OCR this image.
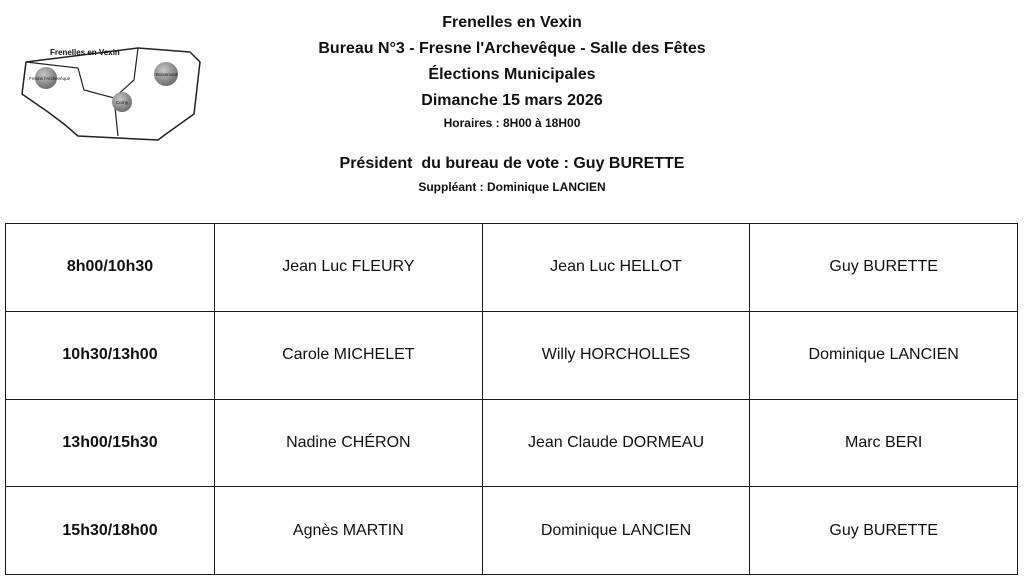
Frenelles en Vexin
Fresne l'Archevêque
Boisemont
Corny

Frenelles en Vexin

Bureau N°3 - Fresne l'Archevêque - Salle des Fêtes

Élections Municipales

Dimanche 15 mars 2026

Horaires : 8H00 à 18H00

Président  du bureau de vote : Guy BURETTE

Suppléant : Dominique LANCIEN

8h00/10h30	Jean Luc FLEURY	Jean Luc HELLOT	Guy BURETTE
10h30/13h00	Carole MICHELET	Willy HORCHOLLES	Dominique LANCIEN
13h00/15h30	Nadine CHÉRON	Jean Claude DORMEAU	Marc BERI
15h30/18h00	Agnès MARTIN	Dominique LANCIEN	Guy BURETTE
